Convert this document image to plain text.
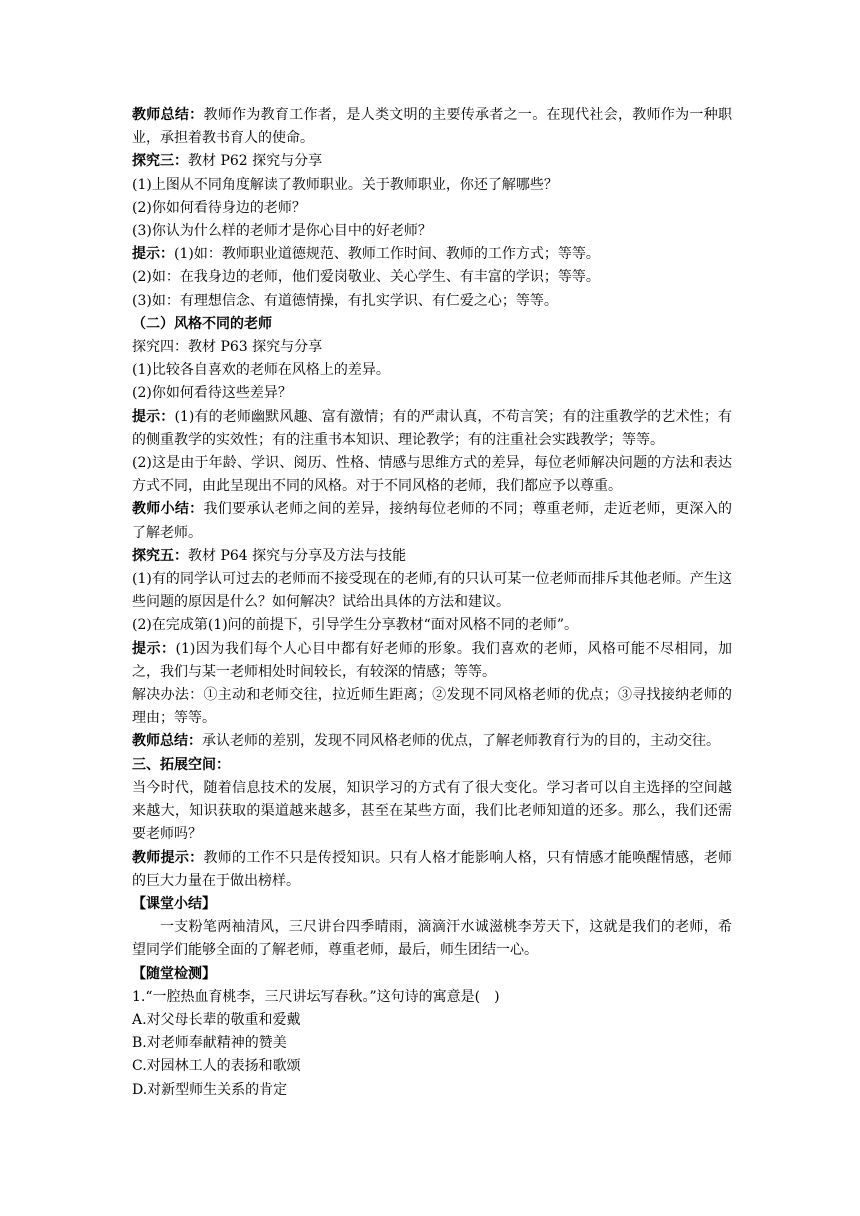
教师总结：教师作为教育工作者，是人类文明的主要传承者之一。在现代社会，教师作为一种职业，承担着教书育人的使命。

探究三：教材 P62 探究与分享

(1)上图从不同角度解读了教师职业。关于教师职业，你还了解哪些？

(2)你如何看待身边的老师？

(3)你认为什么样的老师才是你心目中的好老师？

提示：(1)如：教师职业道德规范、教师工作时间、教师的工作方式；等等。

(2)如：在我身边的老师，他们爱岗敬业、关心学生、有丰富的学识；等等。

(3)如：有理想信念、有道德情操，有扎实学识、有仁爱之心；等等。

（二）风格不同的老师

探究四：教材 P63 探究与分享

(1)比较各自喜欢的老师在风格上的差异。

(2)你如何看待这些差异？

提示：(1)有的老师幽默风趣、富有激情；有的严肃认真，不苟言笑；有的注重教学的艺术性；有的侧重教学的实效性；有的注重书本知识、理论教学；有的注重社会实践教学；等等。

(2)这是由于年龄、学识、阅历、性格、情感与思维方式的差异，每位老师解决问题的方法和表达方式不同，由此呈现出不同的风格。对于不同风格的老师，我们都应予以尊重。

教师小结：我们要承认老师之间的差异，接纳每位老师的不同；尊重老师，走近老师，更深入的了解老师。

探究五：教材 P64 探究与分享及方法与技能

(1)有的同学认可过去的老师而不接受现在的老师,有的只认可某一位老师而排斥其他老师。产生这些问题的原因是什么？如何解决？试给出具体的方法和建议。

(2)在完成第(1)问的前提下，引导学生分享教材“面对风格不同的老师”。

提示：(1)因为我们每个人心目中都有好老师的形象。我们喜欢的老师，风格可能不尽相同，加之，我们与某一老师相处时间较长，有较深的情感；等等。

解决办法：①主动和老师交往，拉近师生距离；②发现不同风格老师的优点；③寻找接纳老师的理由；等等。

教师总结：承认老师的差别，发现不同风格老师的优点，了解老师教育行为的目的，主动交往。

三、拓展空间：

当今时代，随着信息技术的发展，知识学习的方式有了很大变化。学习者可以自主选择的空间越来越大，知识获取的渠道越来越多，甚至在某些方面，我们比老师知道的还多。那么，我们还需要老师吗？

教师提示：教师的工作不只是传授知识。只有人格才能影响人格，只有情感才能唤醒情感，老师的巨大力量在于做出榜样。

【课堂小结】

一支粉笔两袖清风，三尺讲台四季晴雨，滴滴汗水诚滋桃李芳天下，这就是我们的老师，希望同学们能够全面的了解老师，尊重老师，最后，师生团结一心。

【随堂检测】

1.“一腔热血育桃李，三尺讲坛写春秋。”这句诗的寓意是(　)

A.对父母长辈的敬重和爱戴

B.对老师奉献精神的赞美

C.对园林工人的表扬和歌颂

D.对新型师生关系的肯定
